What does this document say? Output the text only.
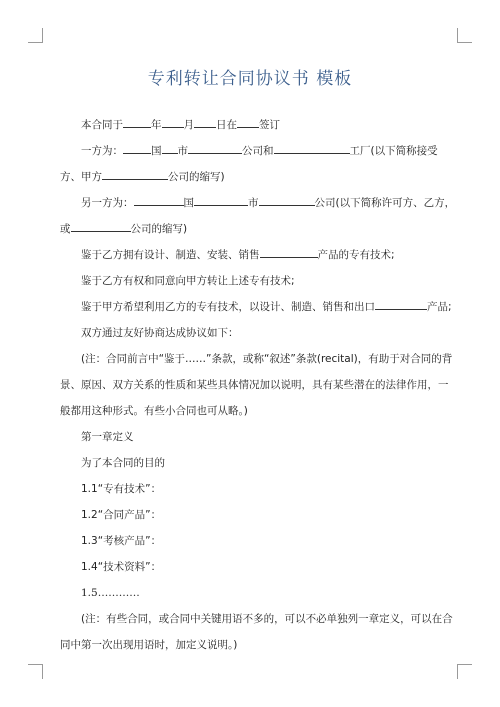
专利转让合同协议书 模板

本合同于	年 月 日在 签订

一方为：	国 市	公司和	工厂(以下简称接受

方、甲方	公司的缩写)

另一方为：	国	市	公司(以下简称许可方、乙方，

或	公司的缩写)

鉴于乙方拥有设计、制造、安装、销售	产品的专有技术;

鉴于乙方有权和同意向甲方转让上述专有技术;

鉴于甲方希望利用乙方的专有技术，以设计、制造、销售和出口	产品;

双方通过友好协商达成协议如下：

(注：合同前言中“鉴于……”条款，或称“叙述”条款(recital)，有助于对合同的背

景、原因、双方关系的性质和某些具体情况加以说明，具有某些潜在的法律作用，一

般都用这种形式。有些小合同也可从略。)

第一章定义

为了本合同的目的

1.1“专有技术”：

1.2“合同产品”：

1.3“考核产品”：

1.4“技术资料”：

1.5…………

(注：有些合同，或合同中关键用语不多的，可以不必单独列一章定义，可以在合

同中第一次出现用语时，加定义说明。)
